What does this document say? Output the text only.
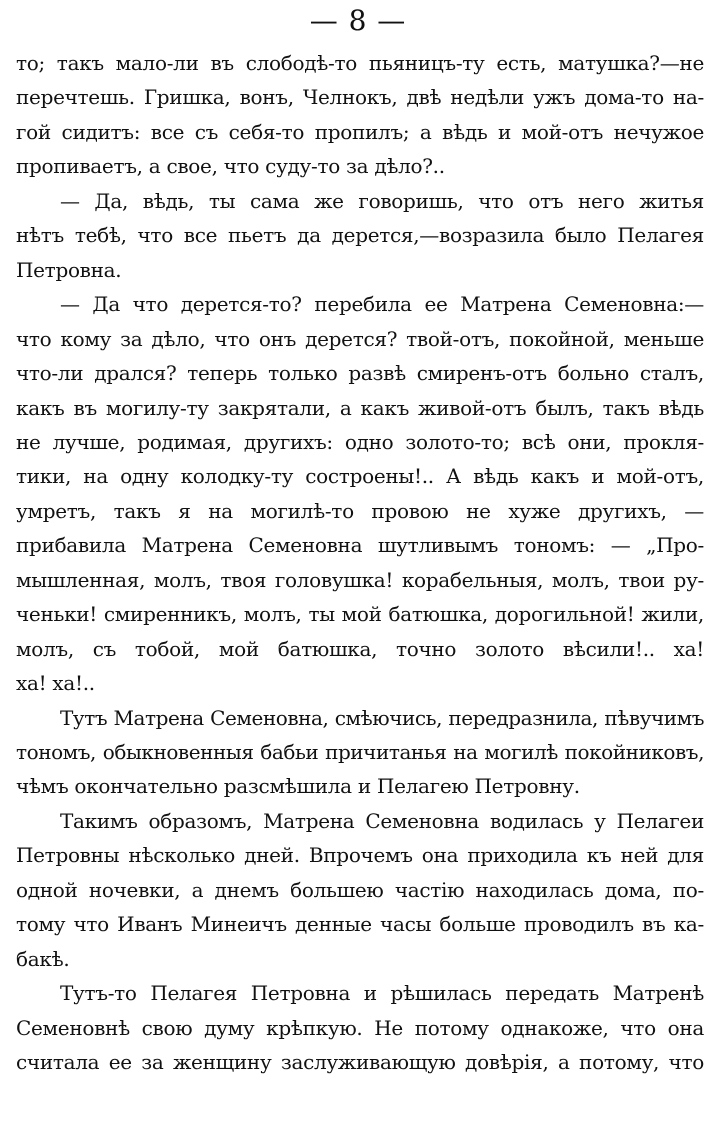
— 8 —
то; такъ мало-ли въ слободѣ-то пьяницъ-ту есть, матушка?—не
перечтешь. Гришка, вонъ, Челнокъ, двѣ недѣли ужъ дома-то на-
гой сидитъ: все съ себя-то пропилъ; а вѣдь и мой-отъ нечужое
пропиваетъ, а свое, что суду-то за дѣло?..
— Да, вѣдь, ты сама же говоришь, что отъ него житья
нѣтъ тебѣ, что все пьетъ да дерется,—возразила было Пелагея
Петровна.
— Да что дерется-то? перебила ее Матрена Семеновна:—
что кому за дѣло, что онъ дерется? твой-отъ, покойной, меньше
что-ли дрался? теперь только развѣ смиренъ-отъ больно сталъ,
какъ въ могилу-ту закрятали, а какъ живой-отъ былъ, такъ вѣдь
не лучше, родимая, другихъ: одно золото-то; всѣ они, прокля-
тики, на одну колодку-ту состроены!.. А вѣдь какъ и мой-отъ,
умретъ, такъ я на могилѣ-то провою не хуже другихъ, —
прибавила Матрена Семеновна шутливымъ тономъ: — „Про-
мышленная, молъ, твоя головушка! корабельныя, молъ, твои ру-
ченьки! смиренникъ, молъ, ты мой батюшка, дорогильной! жили,
молъ, съ тобой, мой батюшка, точно золото вѣсили!.. ха!
ха! ха!..
Тутъ Матрена Семеновна, смѣючись, передразнила, пѣвучимъ
тономъ, обыкновенныя бабьи причитанья на могилѣ покойниковъ,
чѣмъ окончательно разсмѣшила и Пелагею Петровну.
Такимъ образомъ, Матрена Семеновна водилась у Пелагеи
Петровны нѣсколько дней. Впрочемъ она приходила къ ней для
одной ночевки, а днемъ большею частію находилась дома, по-
тому что Иванъ Минеичъ денные часы больше проводилъ въ ка-
бакѣ.
Тутъ-то Пелагея Петровна и рѣшилась передать Матренѣ
Семеновнѣ свою думу крѣпкую. Не потому однакоже, что она
считала ее за женщину заслуживающую довѣрія, а потому, что
